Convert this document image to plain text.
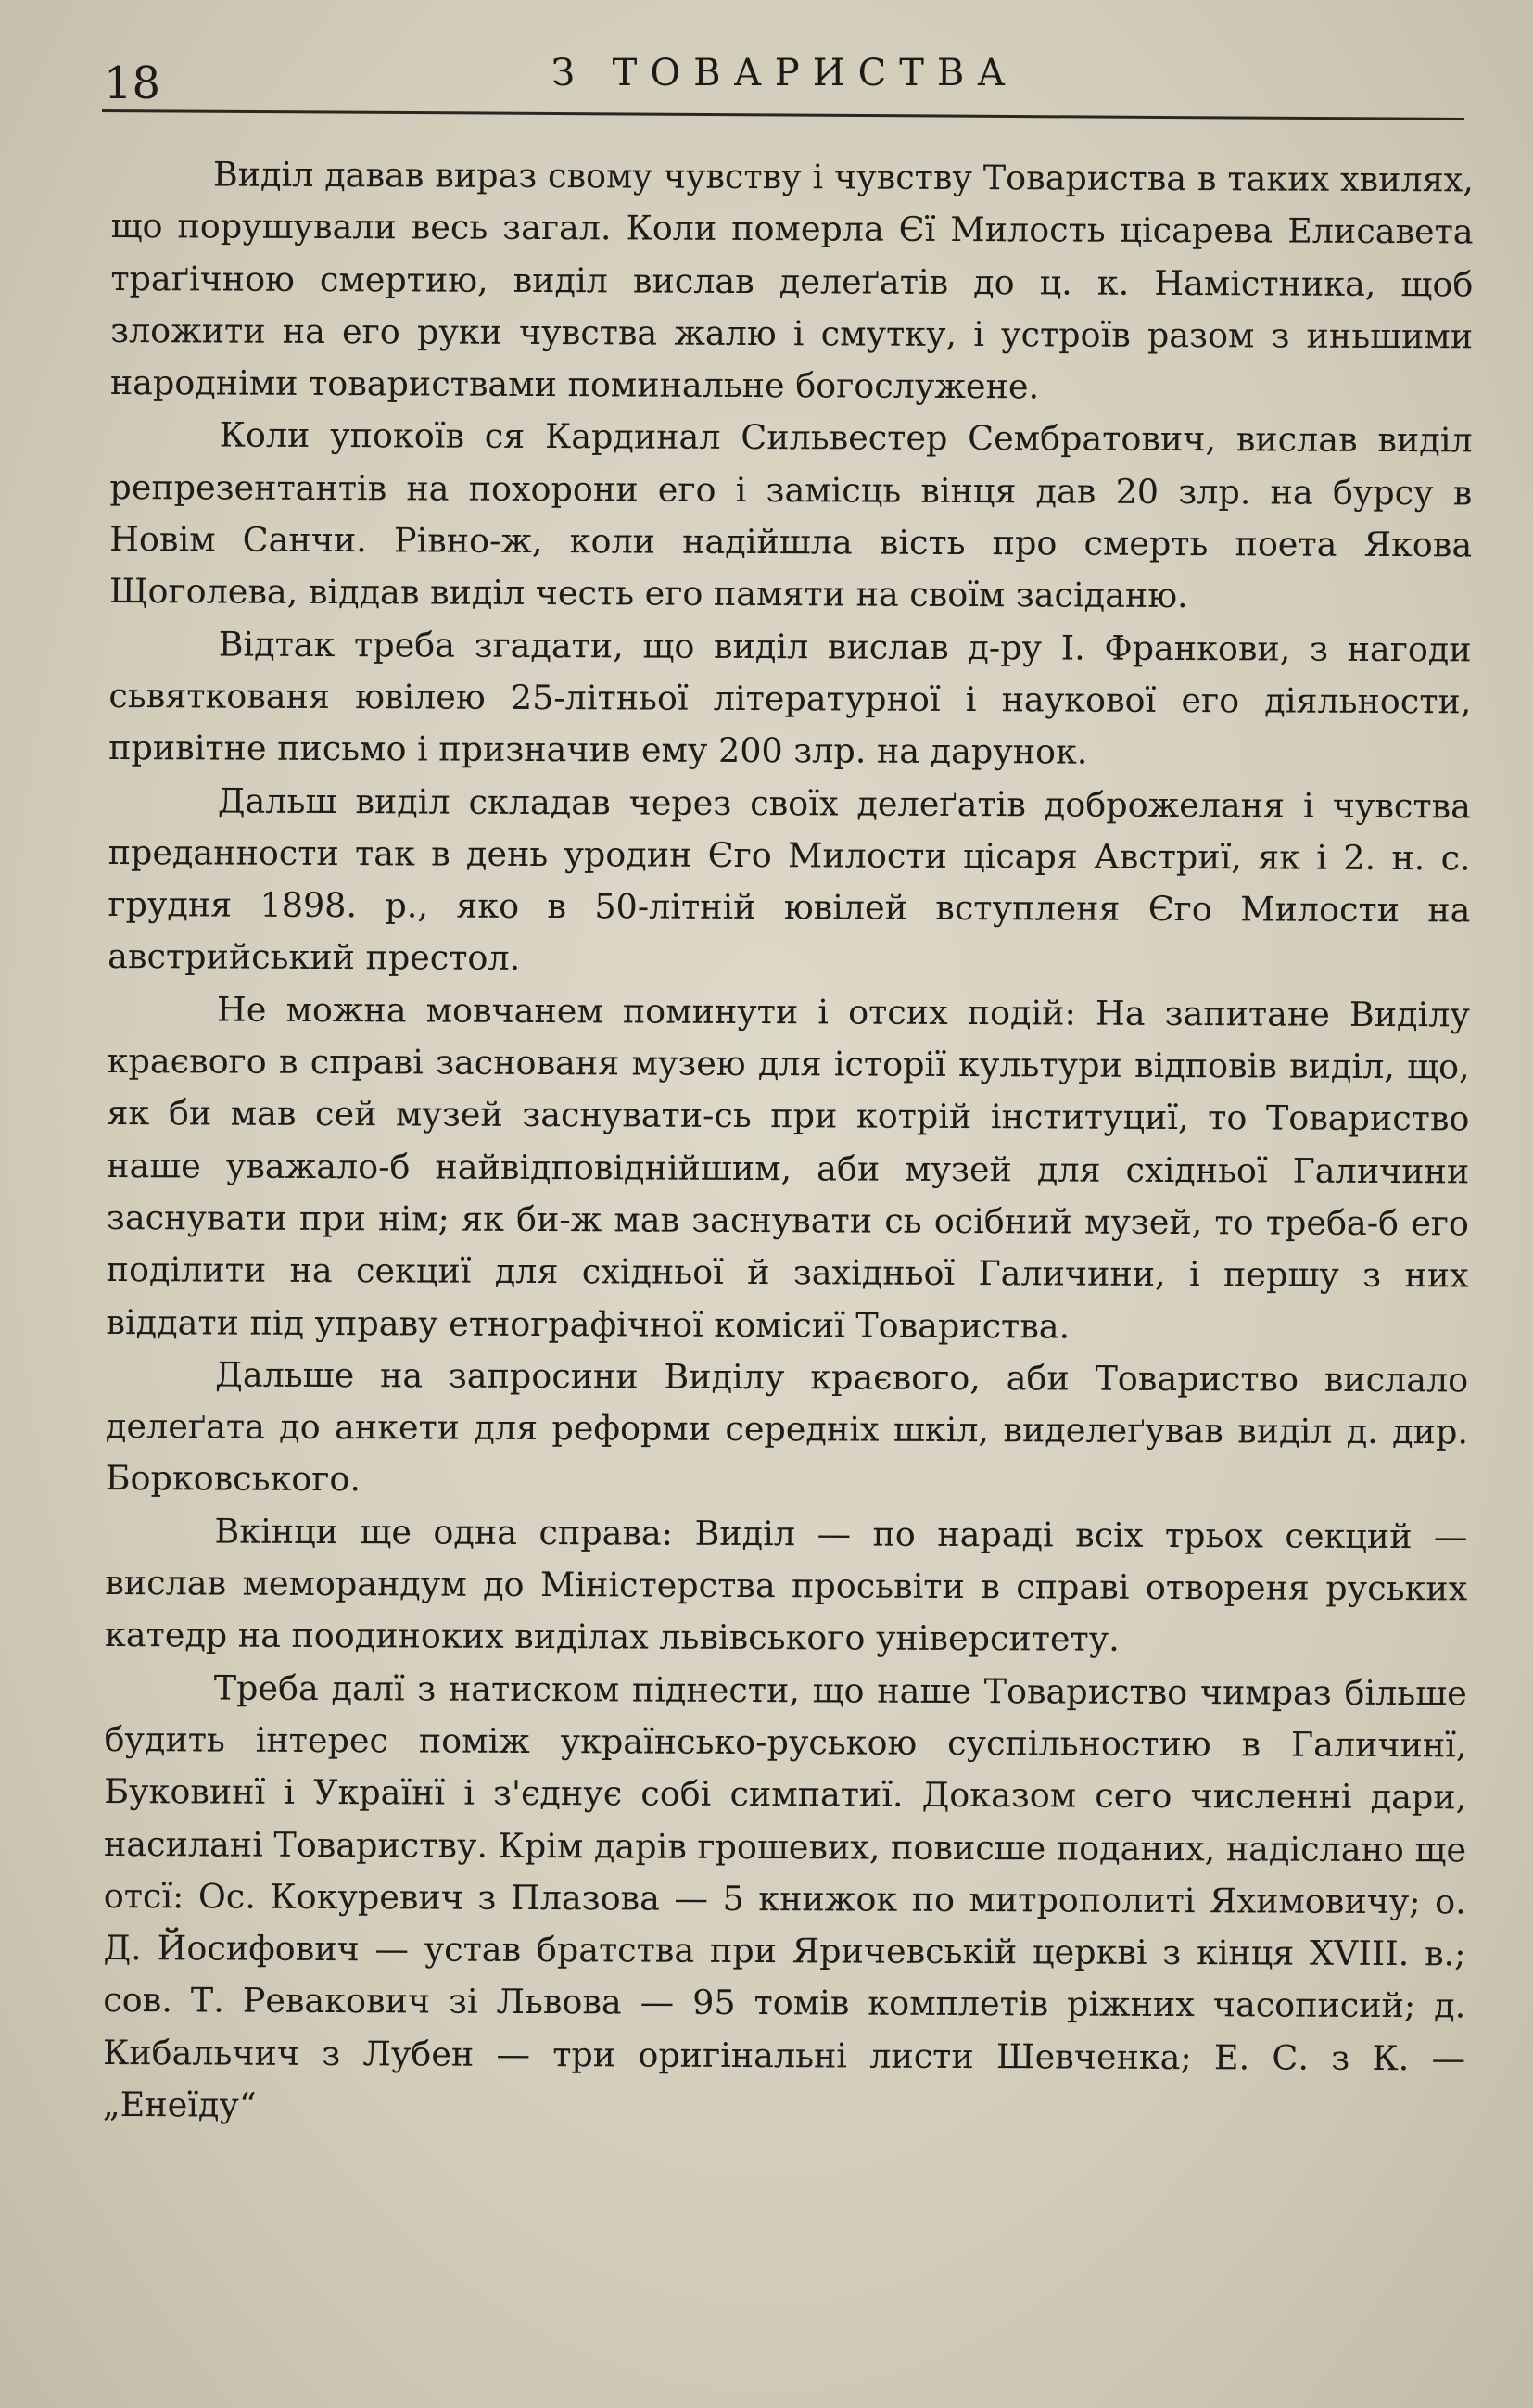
18	З ТОВАРИСТВА

Виділ давав вираз свому чувству і чувству Товариства в таких хвилях, що порушували весь загал. Коли померла Єї Милость цісарева Елисавета траґічною смертию, виділ вислав делеґатів до ц. к. Намістника, щоб зложити на его руки чувства жалю і смутку, і устроїв разом з иньшими народніми товариствами поминальне богослужене.

Коли упокоїв ся Кардинал Сильвестер Сембратович, вислав виділ репрезентантів на похорони его і замісць вінця дав 20 злр. на бурсу в Новім Санчи. Рівно-ж, коли надійшла вість про смерть поета Якова Щоголева, віддав виділ честь его памяти на своїм засіданю.

Відтак треба згадати, що виділ вислав д-ру І. Франкови, з нагоди сьвяткованя ювілею 25-літньої літературної і наукової его діяльности, привітне письмо і призначив ему 200 злр. на дарунок.

Дальш виділ складав через своїх делеґатів доброжеланя і чувства преданности так в день уродин Єго Милости цісаря Австриї, як і 2. н. с. грудня 1898. р., яко в 50-літній ювілей вступленя Єго Милости на австрийський престол.

Не можна мовчанем поминути і отсих подій: На запитане Виділу краєвого в справі заснованя музею для історії культури відповів виділ, що, як би мав сей музей заснувати-сь при котрій інституциї, то Товариство наше уважало-б найвідповіднійшим, аби музей для східньої Галичини заснувати при нім; як би-ж мав заснувати сь осібний музей, то треба-б его поділити на секциї для східньої й західньої Галичини, і першу з них віддати під управу етнографічної комісиї Товариства.

Дальше на запросини Виділу краєвого, аби Товариство вислало делеґата до анкети для реформи середніх шкіл, виделеґував виділ д. дир. Борковського.

Вкінци ще одна справа: Виділ — по нараді всіх трьох секций — вислав меморандум до Міністерства просьвіти в справі отвореня руських катедр на поодиноких виділах львівського університету.

Треба далї з натиском піднести, що наше Товариство чимраз більше будить інтерес поміж українсько-руською суспільностию в Галичинї, Буковинї і Українї і з'єднує собі симпатиї. Доказом сего численні дари, насилані Товариству. Крім дарів грошевих, повисше поданих, надіслано ще отсї: Ос. Кокуревич з Плазова — 5 книжок по митрополиті Яхимовичу; о. Д. Йосифович — устав братства при Яричевській церкві з кінця XVIII. в.; сов. Т. Ревакович зі Львова — 95 томів комплетів ріжних часописий; д. Кибальчич з Лубен — три оригінальні листи Шевченка; Е. С. з К. — „Енеїду“
